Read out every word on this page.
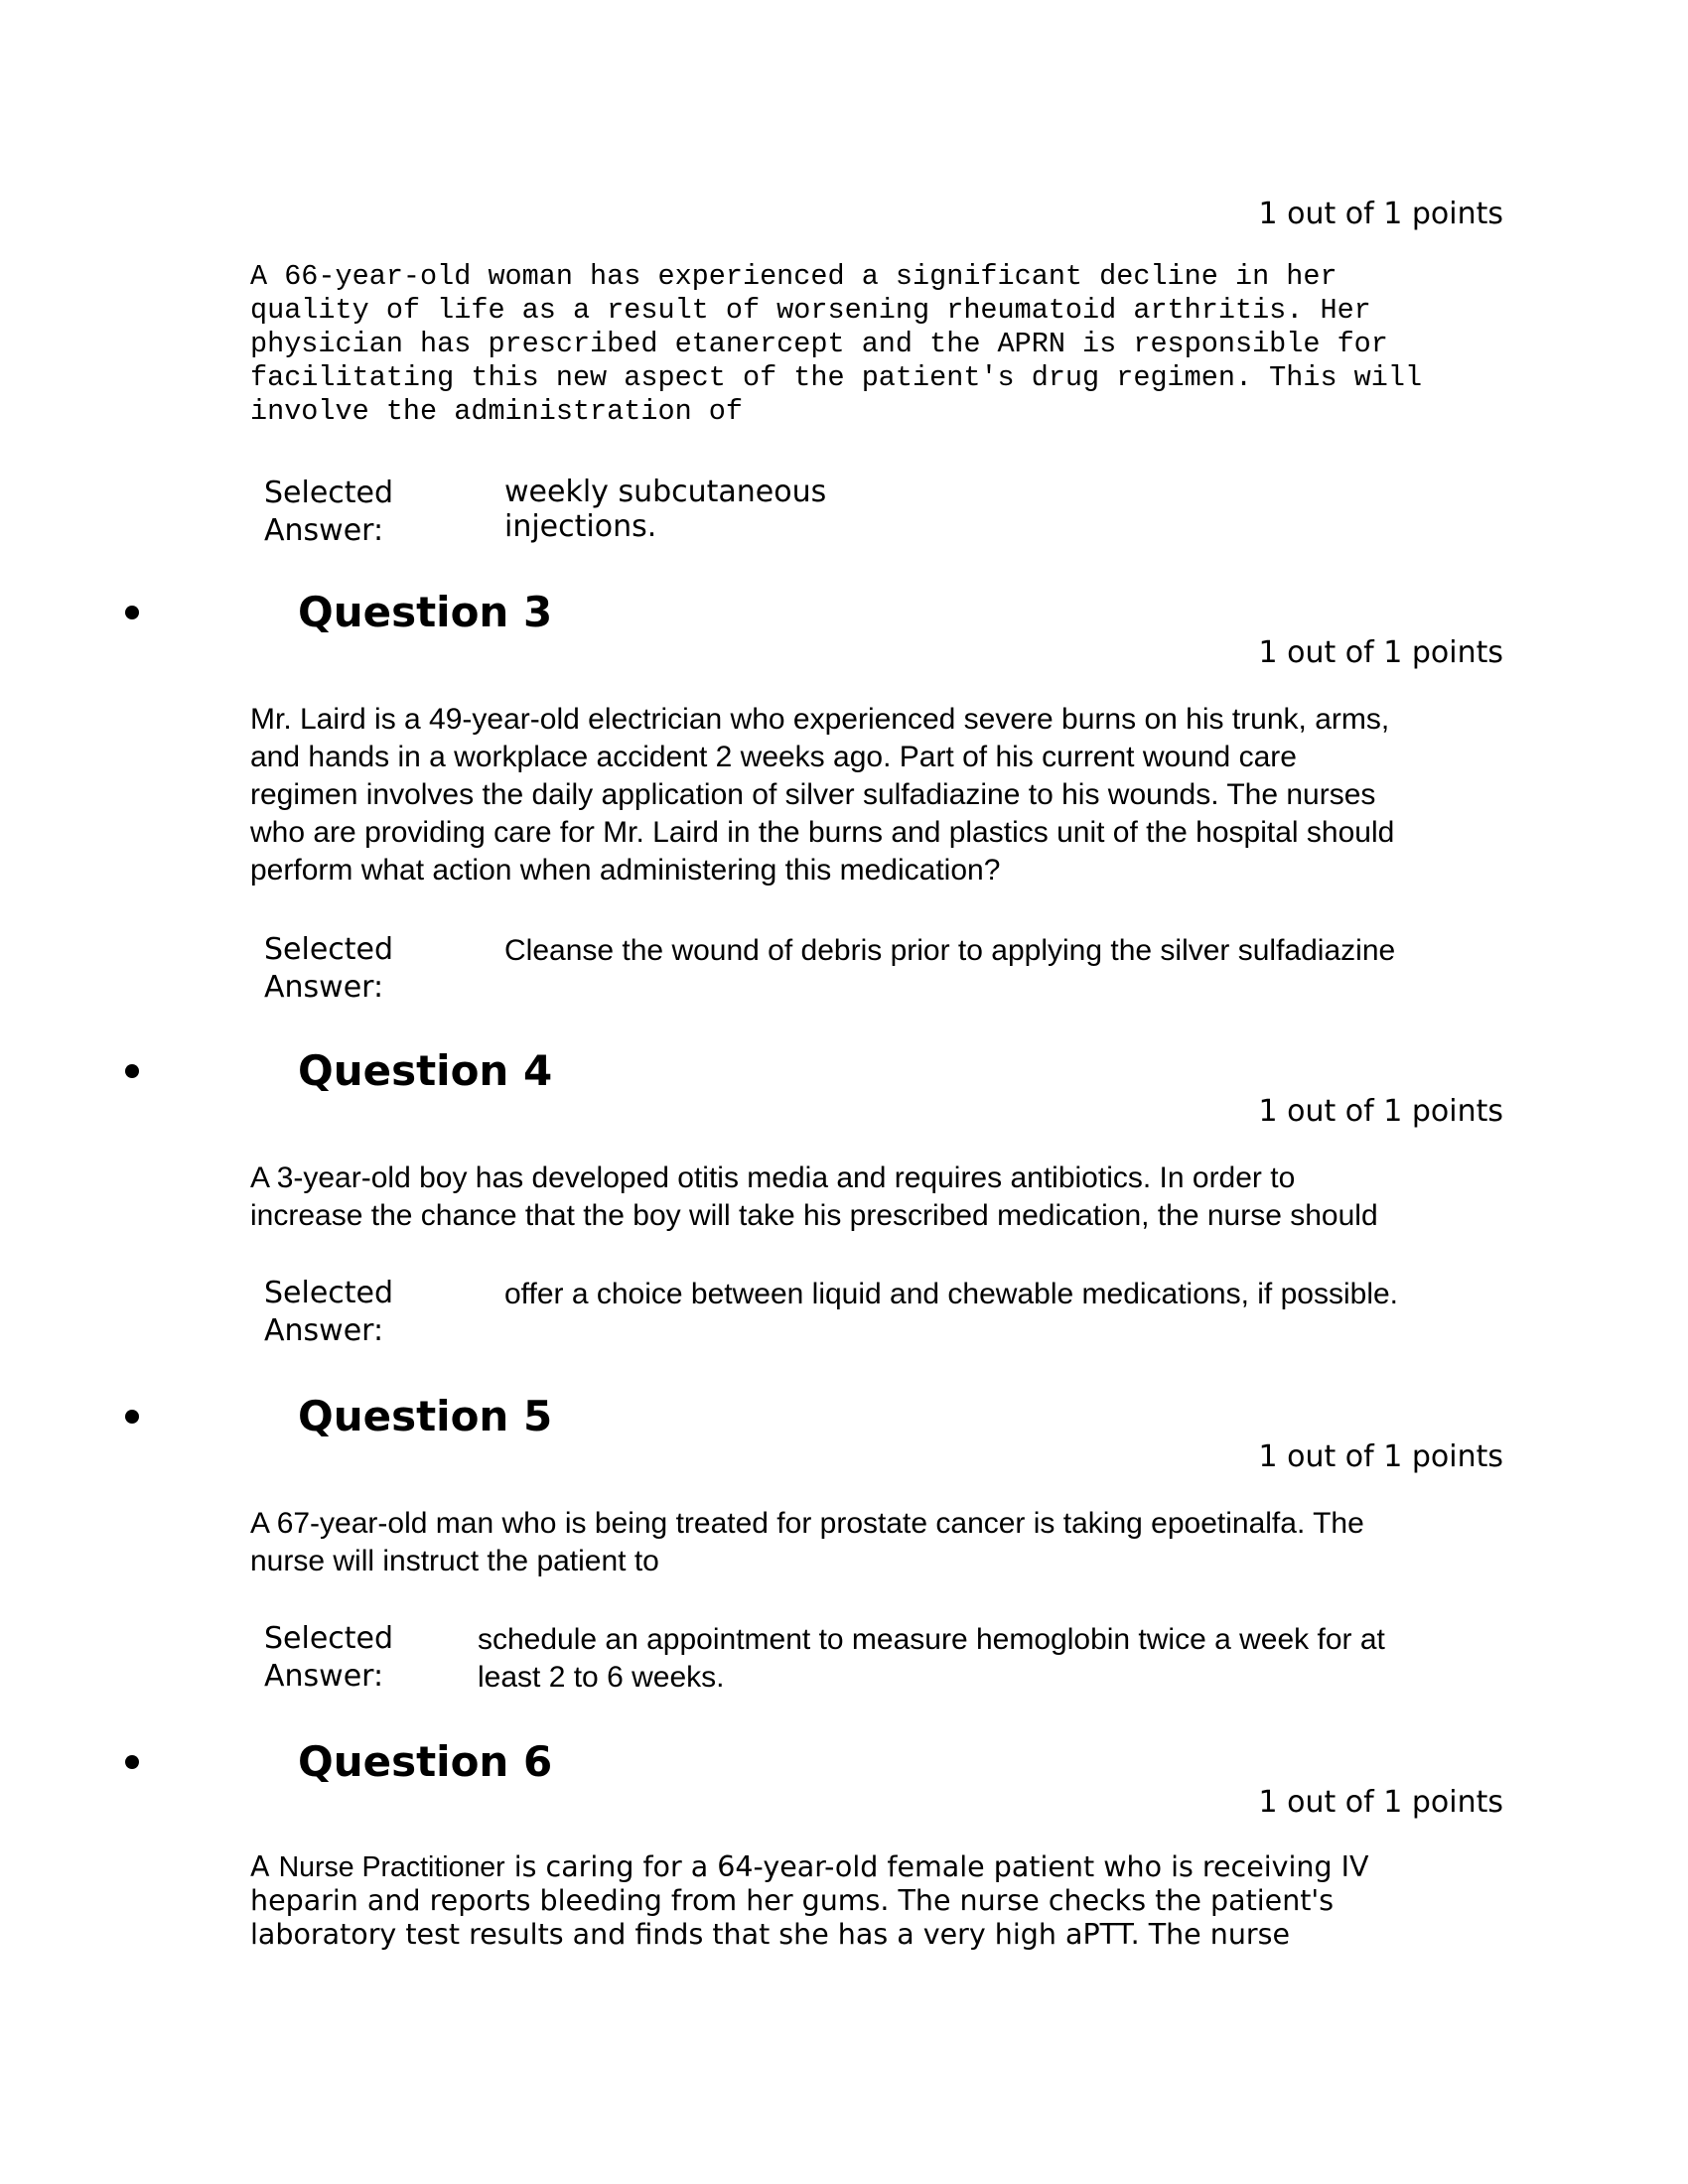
1 out of 1 points
A 66-year-old woman has experienced a significant decline in her
quality of life as a result of worsening rheumatoid arthritis. Her
physician has prescribed etanercept and the APRN is responsible for
facilitating this new aspect of the patient's drug regimen. This will
involve the administration of
Selected
Answer:
weekly subcutaneous
injections.
Question 3
1 out of 1 points
Mr. Laird is a 49-year-old electrician who experienced severe burns on his trunk, arms,
and hands in a workplace accident 2 weeks ago. Part of his current wound care
regimen involves the daily application of silver sulfadiazine to his wounds. The nurses
who are providing care for Mr. Laird in the burns and plastics unit of the hospital should
perform what action when administering this medication?
Selected
Answer:
Cleanse the wound of debris prior to applying the silver sulfadiazine
Question 4
1 out of 1 points
A 3-year-old boy has developed otitis media and requires antibiotics. In order to
increase the chance that the boy will take his prescribed medication, the nurse should
Selected
Answer:
offer a choice between liquid and chewable medications, if possible.
Question 5
1 out of 1 points
A 67-year-old man who is being treated for prostate cancer is taking epoetinalfa. The
nurse will instruct the patient to
Selected
Answer:
schedule an appointment to measure hemoglobin twice a week for at
least 2 to 6 weeks.
Question 6
1 out of 1 points
A Nurse Practitioner is caring for a 64-year-old female patient who is receiving IV
heparin and reports bleeding from her gums. The nurse checks the patient's
laboratory test results and finds that she has a very high aPTT. The nurse
